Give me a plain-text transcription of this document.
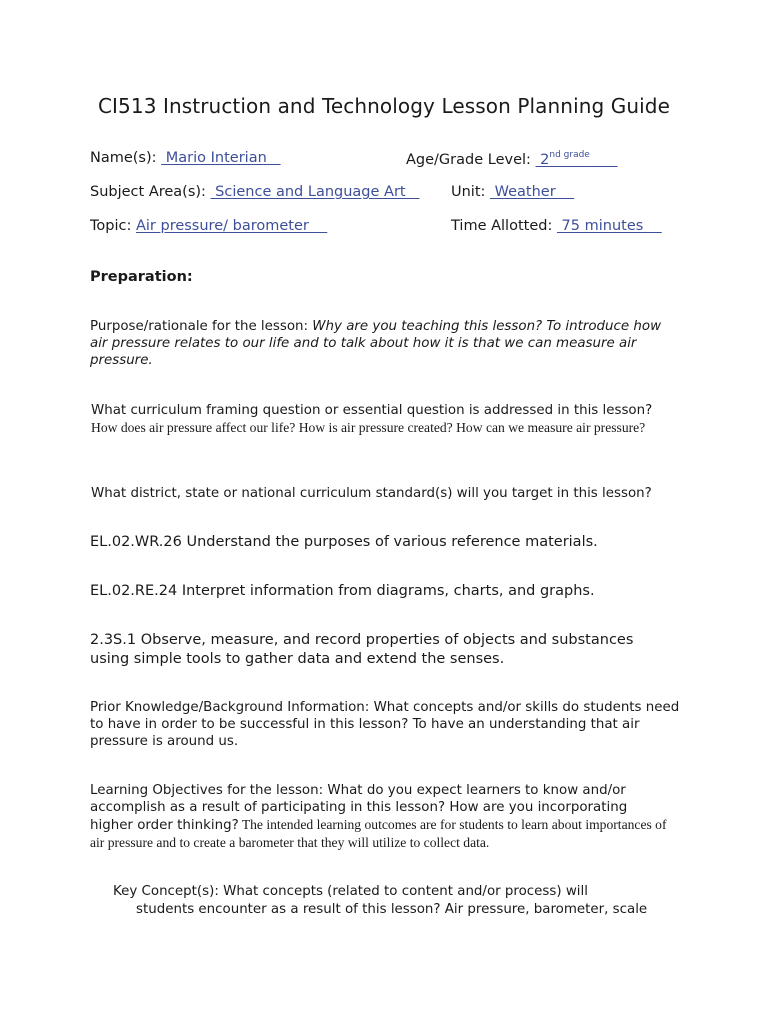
CI513 Instruction and Technology Lesson Planning Guide
Name(s):  Mario Interian	Age/Grade Level:  $2^{nd grade}$
Subject Area(s):  Science and Language Art Unit:  Weather
Topic: Air pressure/ barometer	Time Allotted:  75 minutes
Preparation:
Purpose/rationale for the lesson: Why are you teaching this lesson? To introduce how air pressure relates to our life and to talk about how it is that we can measure air pressure.
What curriculum framing question or essential question is addressed in this lesson?
How does air pressure affect our life? How is air pressure created? How can we measure air pressure?
What district, state or national curriculum standard(s) will you target in this lesson?
EL.02.WR.26 Understand the purposes of various reference materials.
EL.02.RE.24 Interpret information from diagrams, charts, and graphs.
2.3S.1 Observe, measure, and record properties of objects and substances using simple tools to gather data and extend the senses.
Prior Knowledge/Background Information: What concepts and/or skills do students need to have in order to be successful in this lesson? To have an understanding that air pressure is around us.
Learning Objectives for the lesson: What do you expect learners to know and/or accomplish as a result of participating in this lesson? How are you incorporating higher order thinking? The intended learning outcomes are for students to learn about importances of air pressure and to create a barometer that they will utilize to collect data.
Key Concept(s): What concepts (related to content and/or process) will
students encounter as a result of this lesson? Air pressure, barometer, scale
